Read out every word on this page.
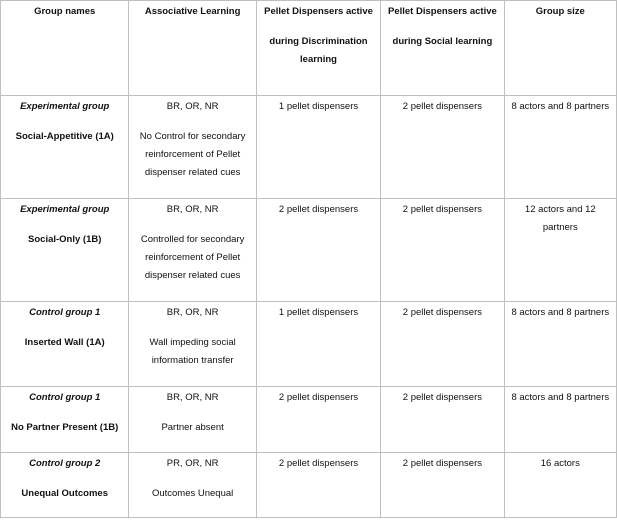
Group names	Associative Learning	Pellet Dispensers active
during Discrimination
learning	Pellet Dispensers active
during Social learning	Group size

Experimental group
Social-Appetitive (1A)	BR, OR, NR
No Control for secondary
reinforcement of Pellet
dispenser related cues	1 pellet dispensers	2 pellet dispensers	8 actors and 8 partners

Experimental group
Social-Only (1B)	BR, OR, NR
Controlled for secondary
reinforcement of Pellet
dispenser related cues	2 pellet dispensers	2 pellet dispensers	12 actors and 12
partners

Control group 1
Inserted Wall (1A)	BR, OR, NR
Wall impeding social
information transfer	1 pellet dispensers	2 pellet dispensers	8 actors and 8 partners

Control group 1
No Partner Present (1B)	BR, OR, NR
Partner absent	2 pellet dispensers	2 pellet dispensers	8 actors and 8 partners

Control group 2
Unequal Outcomes	PR, OR, NR
Outcomes Unequal	2 pellet dispensers	2 pellet dispensers	16 actors
